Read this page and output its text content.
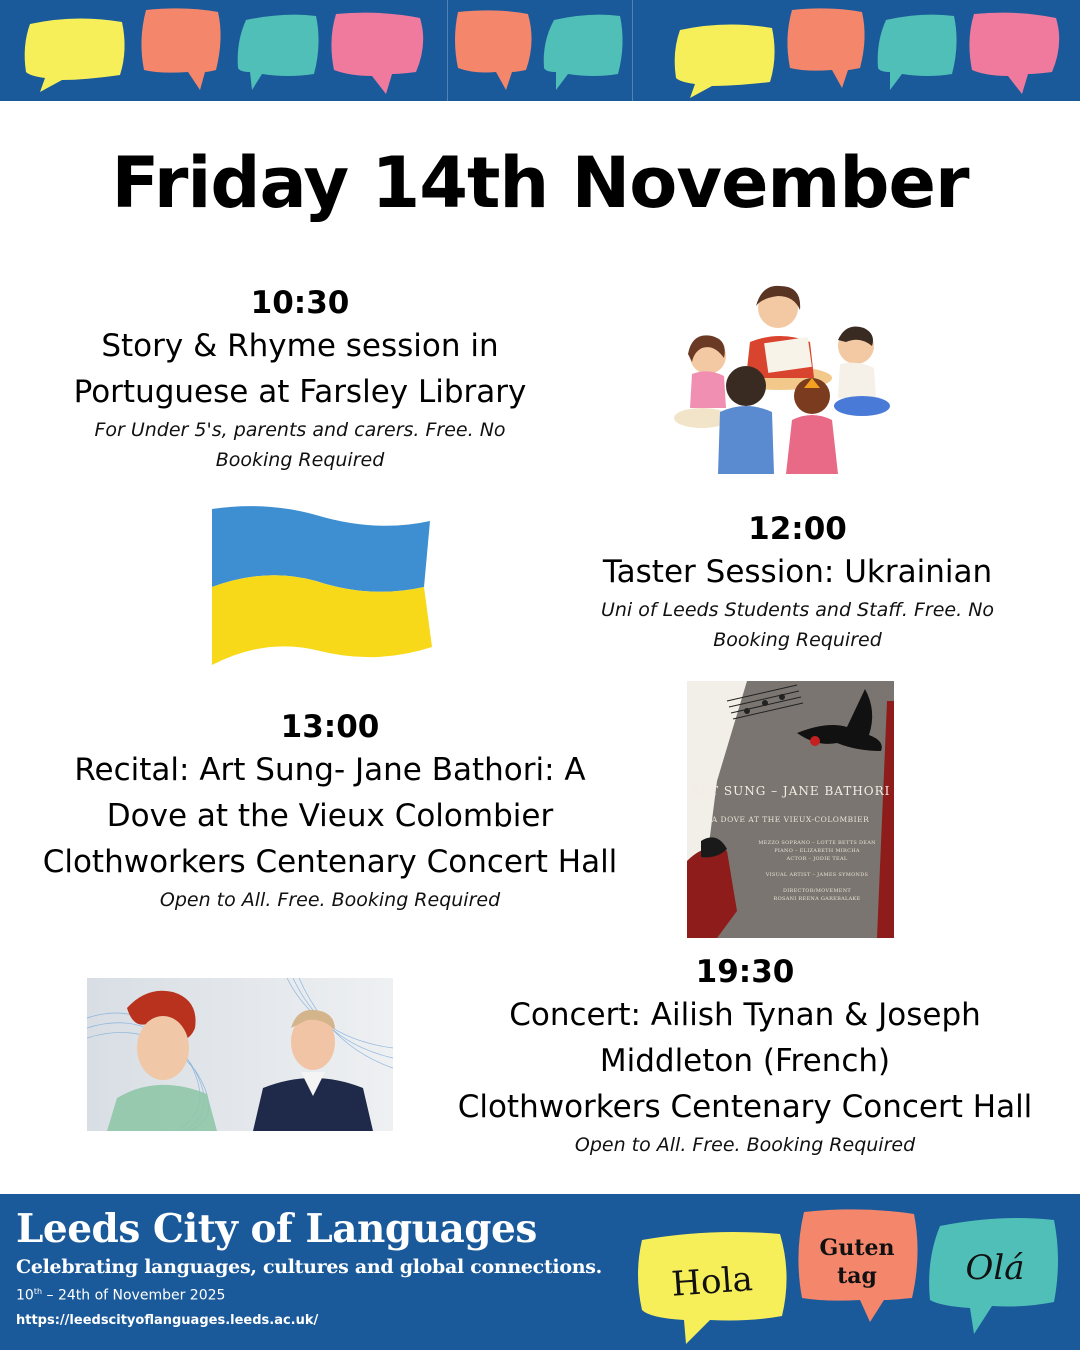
Friday 14th November
10:30
Story & Rhyme session in
Portuguese at Farsley Library
For Under 5's, parents and carers. Free. No
Booking Required
12:00
Taster Session: Ukrainian
Uni of Leeds Students and Staff. Free. No
Booking Required
13:00
Recital: Art Sung- Jane Bathori: A
Dove at the Vieux Colombier
Clothworkers Centenary Concert Hall
Open to All. Free. Booking Required
ART SUNG – JANE BATHORI
A DOVE AT THE VIEUX-COLOMBIER
MEZZO SOPRANO – LOTTE BETTS DEAN
PIANO – ELIZABETH MIRCHA
ACTOR – JODIE TEAL

VISUAL ARTIST – JAMES SYMONDS

DIRECTOR/MOVEMENT
ROSANI REENA GAREBALAKE
19:30
Concert: Ailish Tynan & Joseph
Middleton (French)
Clothworkers Centenary Concert Hall
Open to All. Free. Booking Required
Leeds City of Languages
Celebrating languages, cultures and global connections.
10th – 24th of November 2025
https://leedscityoflanguages.leeds.ac.uk/
Hola
Guten
tag	Olá
